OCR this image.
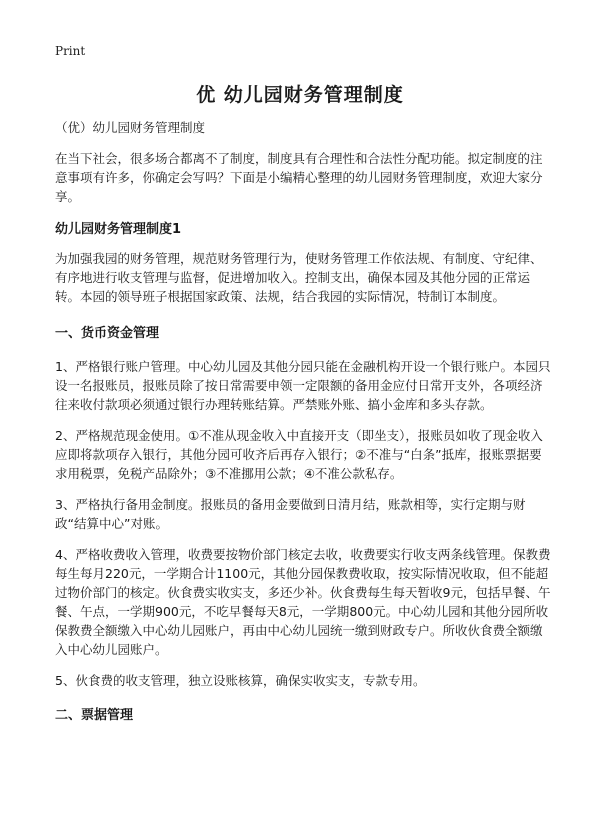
Print
优 幼儿园财务管理制度

（优）幼儿园财务管理制度

在当下社会，很多场合都离不了制度，制度具有合理性和合法性分配功能。拟定制度的注意事项有许多，你确定会写吗？下面是小编精心整理的幼儿园财务管理制度，欢迎大家分享。

幼儿园财务管理制度1

为加强我园的财务管理，规范财务管理行为，使财务管理工作依法规、有制度、守纪律、有序地进行收支管理与监督，促进增加收入。控制支出，确保本园及其他分园的正常运转。本园的领导班子根据国家政策、法规，结合我园的实际情况，特制订本制度。

一、货币资金管理

1、严格银行账户管理。中心幼儿园及其他分园只能在金融机构开设一个银行账户。本园只设一名报账员，报账员除了按日常需要申领一定限额的备用金应付日常开支外，各项经济往来收付款项必须通过银行办理转账结算。严禁账外账、搞小金库和多头存款。

2、严格规范现金使用。①不准从现金收入中直接开支（即坐支），报账员如收了现金收入应即将款项存入银行，其他分园可收齐后再存入银行；②不准与“白条”抵库，报账票据要求用税票，免税产品除外；③不准挪用公款；④不准公款私存。

3、严格执行备用金制度。报账员的备用金要做到日清月结，账款相等，实行定期与财政“结算中心”对账。

4、严格收费收入管理，收费要按物价部门核定去收，收费要实行收支两条线管理。保教费每生每月220元，一学期合计1100元，其他分园保教费收取，按实际情况收取，但不能超过物价部门的核定。伙食费实收实支，多还少补。伙食费每生每天暂收9元，包括早餐、午餐、午点，一学期900元，不吃早餐每天8元，一学期800元。中心幼儿园和其他分园所收保教费全额缴入中心幼儿园账户，再由中心幼儿园统一缴到财政专户。所收伙食费全额缴入中心幼儿园账户。

5、伙食费的收支管理，独立设账核算，确保实收实支，专款专用。

二、票据管理
